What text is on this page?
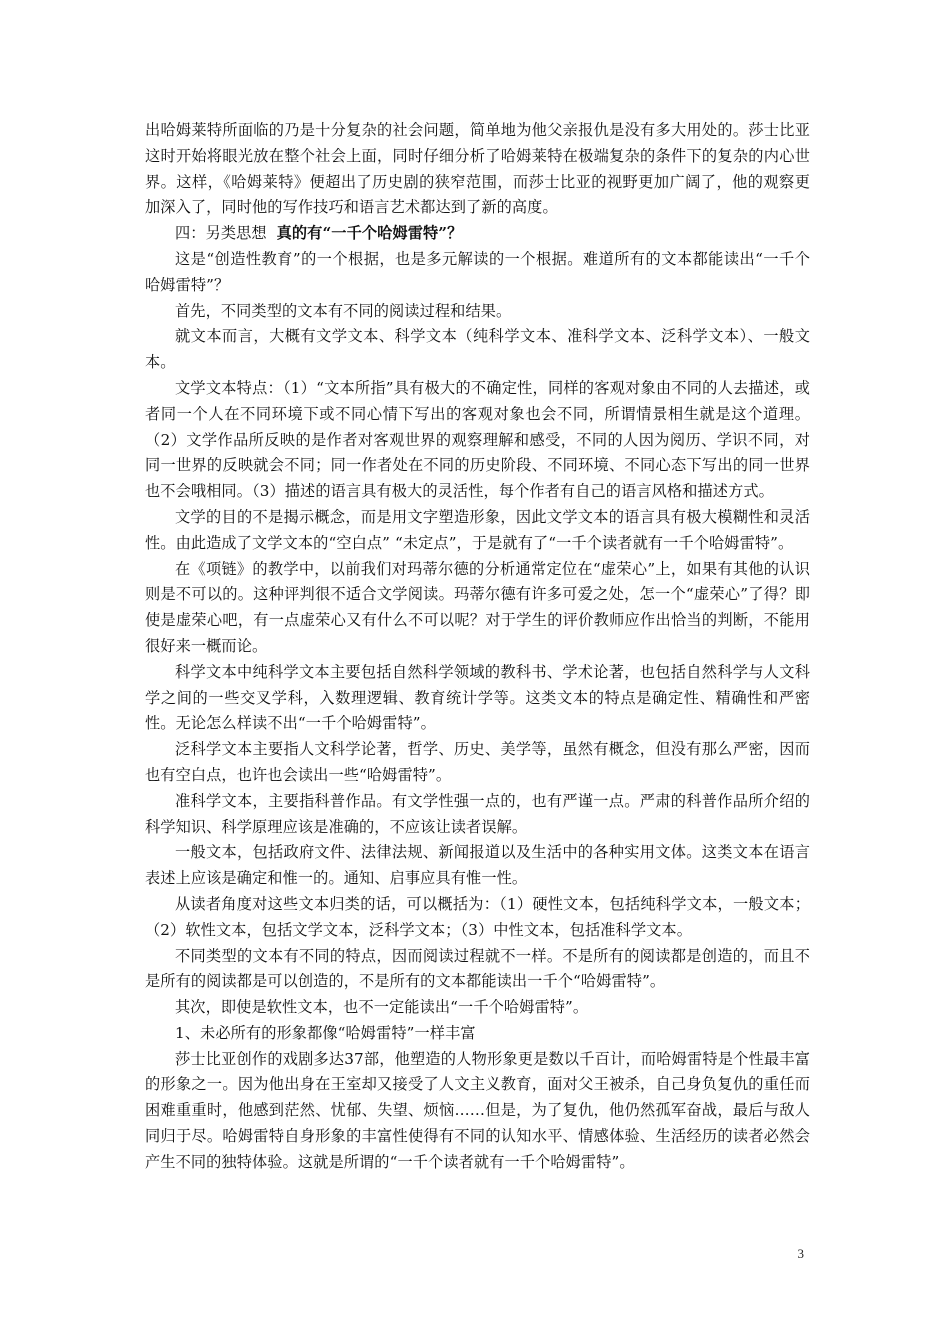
出哈姆莱特所面临的乃是十分复杂的社会问题，简单地为他父亲报仇是没有多大用处的。莎士比亚这时开始将眼光放在整个社会上面，同时仔细分析了哈姆莱特在极端复杂的条件下的复杂的内心世界。这样，《哈姆莱特》便超出了历史剧的狭窄范围，而莎士比亚的视野更加广阔了，他的观察更加深入了，同时他的写作技巧和语言艺术都达到了新的高度。

四：另类思想 真的有“一千个哈姆雷特”？

这是“创造性教育”的一个根据，也是多元解读的一个根据。难道所有的文本都能读出“一千个哈姆雷特”？

首先，不同类型的文本有不同的阅读过程和结果。

就文本而言，大概有文学文本、科学文本（纯科学文本、准科学文本、泛科学文本）、一般文本。

文学文本特点：（1）“文本所指”具有极大的不确定性，同样的客观对象由不同的人去描述，或者同一个人在不同环境下或不同心情下写出的客观对象也会不同，所谓情景相生就是这个道理。（2）文学作品所反映的是作者对客观世界的观察理解和感受，不同的人因为阅历、学识不同，对同一世界的反映就会不同；同一作者处在不同的历史阶段、不同环境、不同心态下写出的同一世界也不会哦相同。（3）描述的语言具有极大的灵活性，每个作者有自己的语言风格和描述方式。

文学的目的不是揭示概念，而是用文字塑造形象，因此文学文本的语言具有极大模糊性和灵活性。由此造成了文学文本的“空白点” “未定点”，于是就有了“一千个读者就有一千个哈姆雷特”。

在《项链》的教学中，以前我们对玛蒂尔德的分析通常定位在“虚荣心”上，如果有其他的认识则是不可以的。这种评判很不适合文学阅读。玛蒂尔德有许多可爱之处，怎一个“虚荣心”了得？即使是虚荣心吧，有一点虚荣心又有什么不可以呢？对于学生的评价教师应作出恰当的判断，不能用很好来一概而论。

科学文本中纯科学文本主要包括自然科学领域的教科书、学术论著，也包括自然科学与人文科学之间的一些交叉学科，入数理逻辑、教育统计学等。这类文本的特点是确定性、精确性和严密性。无论怎么样读不出“一千个哈姆雷特”。

泛科学文本主要指人文科学论著，哲学、历史、美学等，虽然有概念，但没有那么严密，因而也有空白点，也许也会读出一些“哈姆雷特”。

准科学文本，主要指科普作品。有文学性强一点的，也有严谨一点。严肃的科普作品所介绍的科学知识、科学原理应该是准确的，不应该让读者误解。

一般文本，包括政府文件、法律法规、新闻报道以及生活中的各种实用文体。这类文本在语言表述上应该是确定和惟一的。通知、启事应具有惟一性。

从读者角度对这些文本归类的话，可以概括为：（1）硬性文本，包括纯科学文本，一般文本；（2）软性文本，包括文学文本，泛科学文本；（3）中性文本，包括准科学文本。

不同类型的文本有不同的特点，因而阅读过程就不一样。不是所有的阅读都是创造的，而且不是所有的阅读都是可以创造的，不是所有的文本都能读出一千个“哈姆雷特”。

其次，即使是软性文本，也不一定能读出“一千个哈姆雷特”。

1、未必所有的形象都像“哈姆雷特”一样丰富

莎士比亚创作的戏剧多达37部，他塑造的人物形象更是数以千百计，而哈姆雷特是个性最丰富的形象之一。因为他出身在王室却又接受了人文主义教育，面对父王被杀，自己身负复仇的重任而困难重重时，他感到茫然、忧郁、失望、烦恼……但是，为了复仇，他仍然孤军奋战，最后与敌人同归于尽。哈姆雷特自身形象的丰富性使得有不同的认知水平、情感体验、生活经历的读者必然会产生不同的独特体验。这就是所谓的“一千个读者就有一千个哈姆雷特”。

3
